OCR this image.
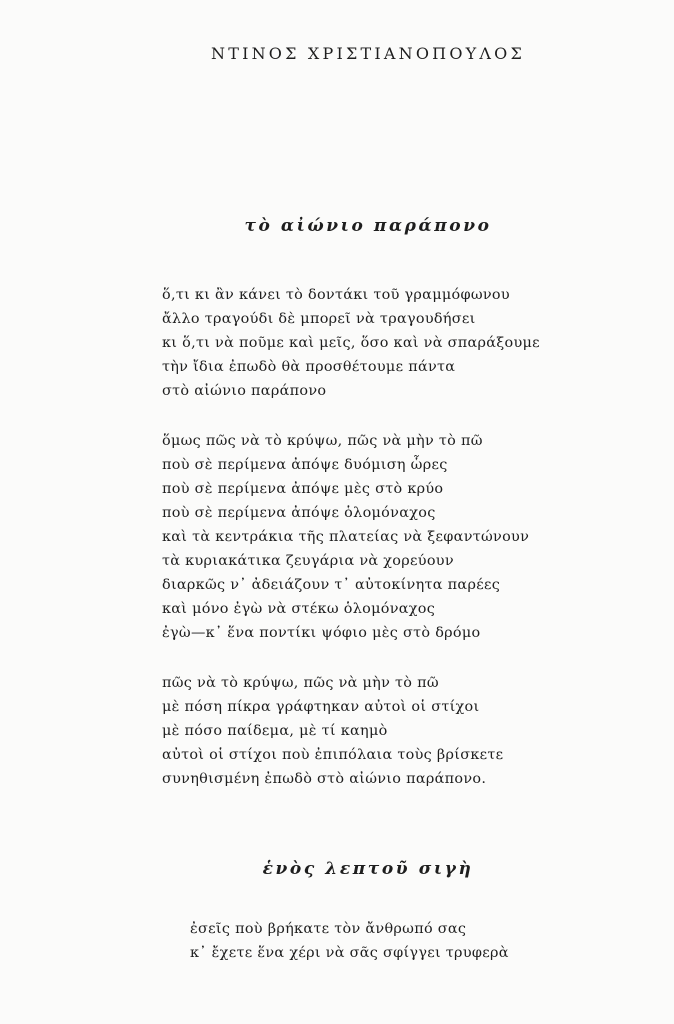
ΝΤΙΝΟΣ ΧΡΙΣΤΙΑΝΟΠΟΥΛΟΣ
τὸ αἰώνιο παράπονο
ὅ,τι κι ἂν κάνει τὸ δοντάκι τοῦ γραμμόφωνου
ἄλλο τραγούδι δὲ μπορεῖ νὰ τραγουδήσει
κι ὅ,τι νὰ ποῦμε καὶ μεῖς, ὅσο καὶ νὰ σπαράξουμε
τὴν ἴδια ἐπωδὸ θὰ προσθέτουμε πάντα
στὸ αἰώνιο παράπονο
ὅμως πῶς νὰ τὸ κρύψω, πῶς νὰ μὴν τὸ πῶ
ποὺ σὲ περίμενα ἀπόψε δυόμιση ὧρες
ποὺ σὲ περίμενα ἀπόψε μὲς στὸ κρύο
ποὺ σὲ περίμενα ἀπόψε ὁλομόναχος
καὶ τὰ κεντράκια τῆς πλατείας νὰ ξεφαντώνουν
τὰ κυριακάτικα ζευγάρια νὰ χορεύουν
διαρκῶς ν᾽ ἀδειάζουν τ᾽ αὐτοκίνητα παρέες
καὶ μόνο ἐγὼ νὰ στέκω ὁλομόναχος
ἐγὼ—κ᾽ ἕνα ποντίκι ψόφιο μὲς στὸ δρόμο
πῶς νὰ τὸ κρύψω, πῶς νὰ μὴν τὸ πῶ
μὲ πόση πίκρα γράφτηκαν αὐτοὶ οἱ στίχοι
μὲ πόσο παίδεμα, μὲ τί καημὸ
αὐτοὶ οἱ στίχοι ποὺ ἐπιπόλαια τοὺς βρίσκετε
συνηθισμένη ἐπωδὸ στὸ αἰώνιο παράπονο.
ἑνὸς λεπτοῦ σιγὴ
ἐσεῖς ποὺ βρήκατε τὸν ἄνθρωπό σας
κ᾽ ἔχετε ἕνα χέρι νὰ σᾶς σφίγγει τρυφερὰ
